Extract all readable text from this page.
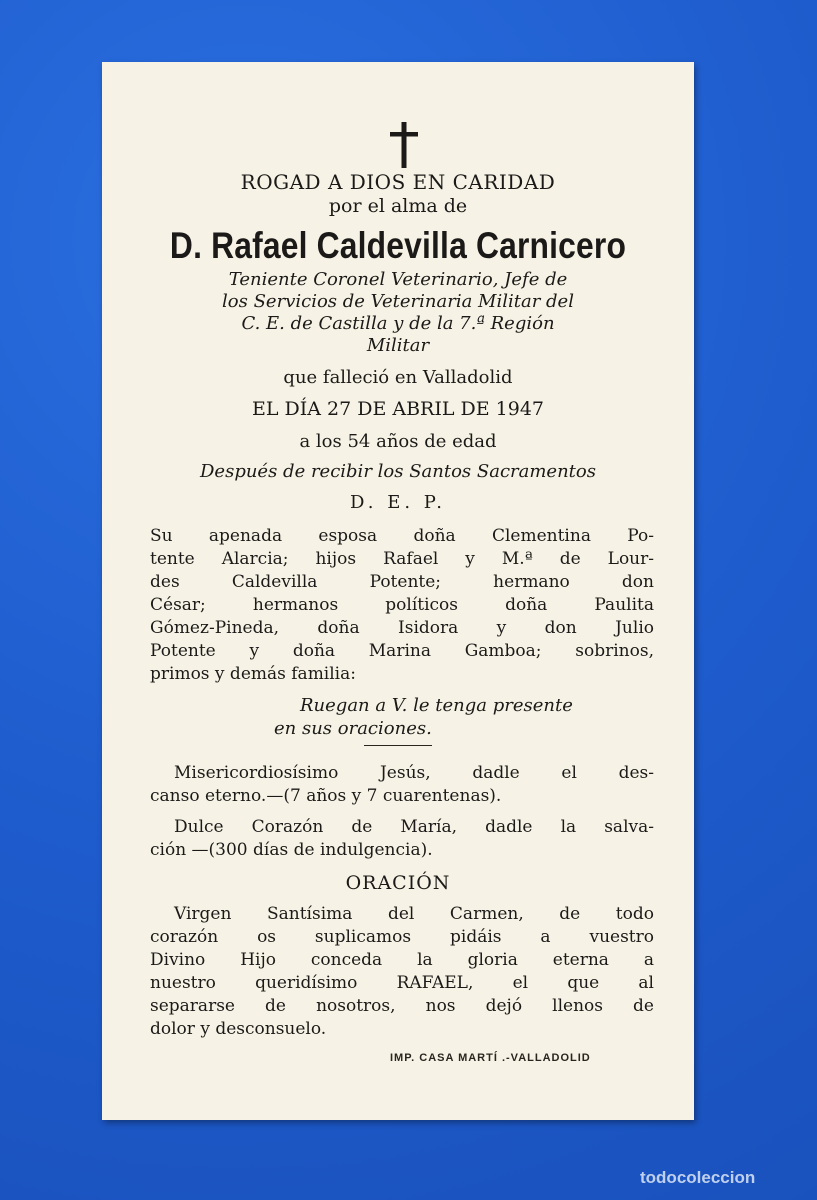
ROGAD A DIOS EN CARIDAD
por el alma de
D. Rafael Caldevilla Carnicero
Teniente Coronel Veterinario, Jefe de
los Servicios de Veterinaria Militar del
C. E. de Castilla y de la 7.ª Región
Militar
que falleció en Valladolid
EL DÍA 27 DE ABRIL DE 1947
a los 54 años de edad
Después de recibir los Santos Sacramentos
D. E. P.
Su apenada esposa doña Clementina Po-
tente Alarcia; hijos Rafael y M.ª de Lour-
des Caldevilla Potente; hermano don
César; hermanos políticos doña Paulita
Gómez-Pineda, doña Isidora y don Julio
Potente y doña Marina Gamboa; sobrinos,
primos y demás familia:
Ruegan a V. le tenga presente
en sus oraciones.
Misericordiosísimo Jesús, dadle el des-
canso eterno.—(7 años y 7 cuarentenas).
Dulce Corazón de María, dadle la salva-
ción —(300 días de indulgencia).
ORACIÓN
Virgen Santísima del Carmen, de todo
corazón os suplicamos pidáis a vuestro
Divino Hijo conceda la gloria eterna a
nuestro queridísimo RAFAEL, el que al
separarse de nosotros, nos dejó llenos de
dolor y desconsuelo.
IMP. CASA MARTÍ .-VALLADOLID
todocoleccion
